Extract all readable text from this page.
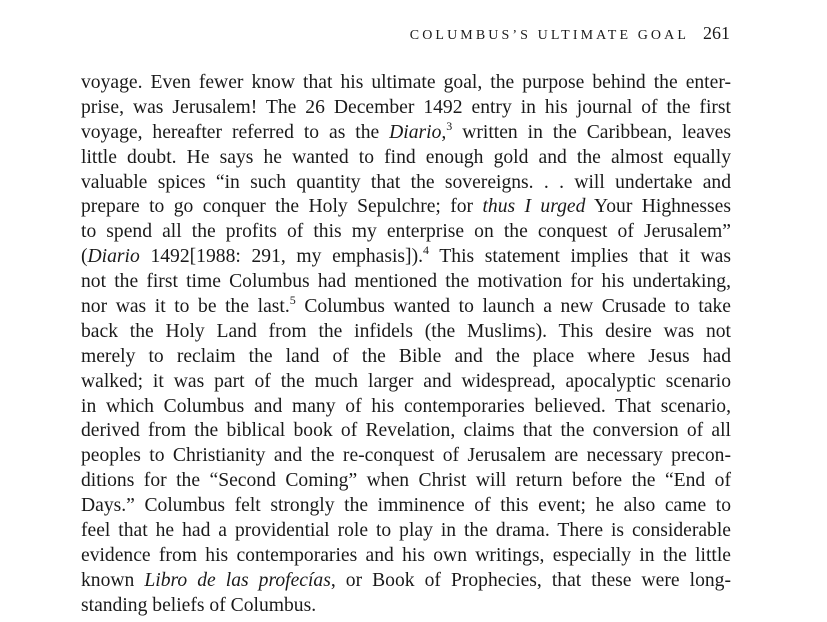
COLUMBUS’S ULTIMATE GOAL 261
voyage. Even fewer know that his ultimate goal, the purpose behind the enter-
prise, was Jerusalem! The 26 December 1492 entry in his journal of the first
voyage, hereafter referred to as the Diario,$^3$ written in the Caribbean, leaves
little doubt. He says he wanted to find enough gold and the almost equally
valuable spices “in such quantity that the sovereigns. . . will undertake and
prepare to go conquer the Holy Sepulchre; for thus I urged Your Highnesses
to spend all the profits of this my enterprise on the conquest of Jerusalem”
(Diario 1492[1988: 291, my emphasis]).$^4$ This statement implies that it was
not the first time Columbus had mentioned the motivation for his undertaking,
nor was it to be the last.$^5$ Columbus wanted to launch a new Crusade to take
back the Holy Land from the infidels (the Muslims). This desire was not
merely to reclaim the land of the Bible and the place where Jesus had
walked; it was part of the much larger and widespread, apocalyptic scenario
in which Columbus and many of his contemporaries believed. That scenario,
derived from the biblical book of Revelation, claims that the conversion of all
peoples to Christianity and the re-conquest of Jerusalem are necessary precon-
ditions for the “Second Coming” when Christ will return before the “End of
Days.” Columbus felt strongly the imminence of this event; he also came to
feel that he had a providential role to play in the drama. There is considerable
evidence from his contemporaries and his own writings, especially in the little
known Libro de las profecías, or Book of Prophecies, that these were long-
standing beliefs of Columbus.
